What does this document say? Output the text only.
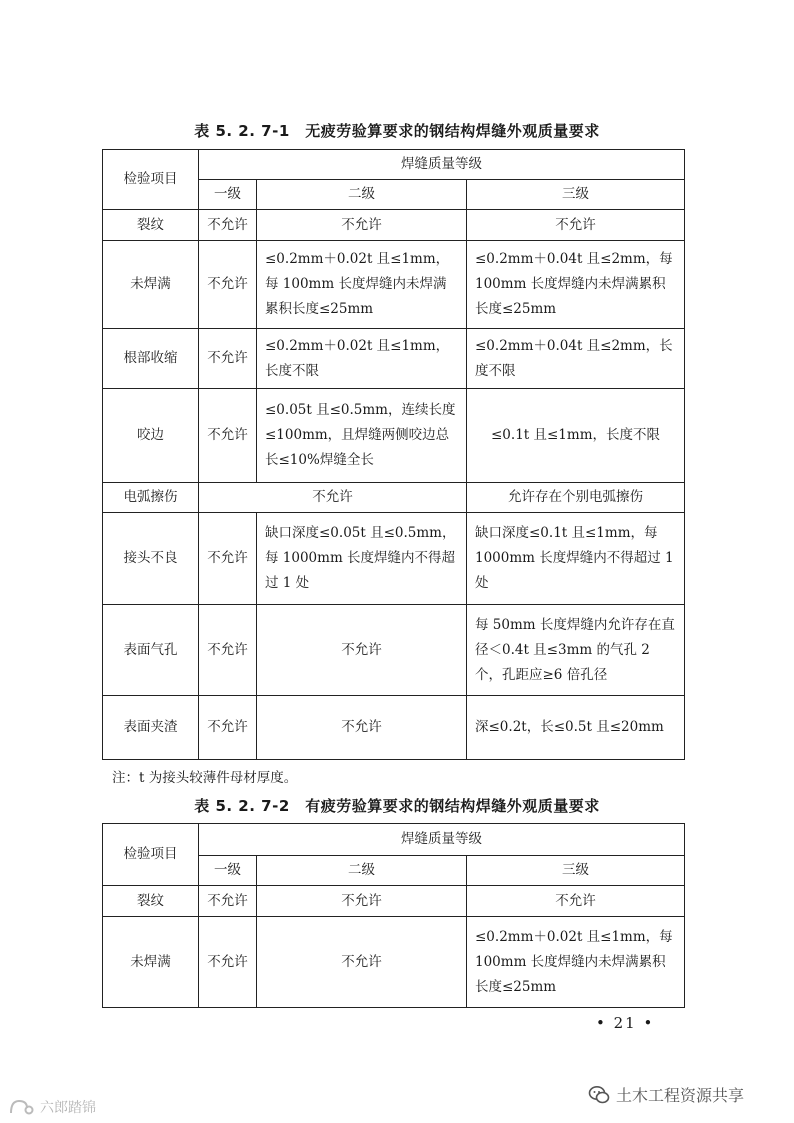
表 5. 2. 7-1　无疲劳验算要求的钢结构焊缝外观质量要求
检验项目	焊缝质量等级		
	一级	二级	三级
裂纹	不允许	不允许	不允许
未焊满	不允许	≤0.2mm＋0.02t 且≤1mm，每 100mm 长度焊缝内未焊满累积长度≤25mm	≤0.2mm＋0.04t 且≤2mm，每 100mm 长度焊缝内未焊满累积长度≤25mm
根部收缩	不允许	≤0.2mm＋0.02t 且≤1mm，长度不限	≤0.2mm＋0.04t 且≤2mm，长度不限
咬边	不允许	≤0.05t 且≤0.5mm，连续长度≤100mm，且焊缝两侧咬边总长≤10%焊缝全长	≤0.1t 且≤1mm，长度不限
电弧擦伤	不允许		允许存在个别电弧擦伤
接头不良	不允许	缺口深度≤0.05t 且≤0.5mm，每 1000mm 长度焊缝内不得超过 1 处	缺口深度≤0.1t 且≤1mm，每 1000mm 长度焊缝内不得超过 1 处
表面气孔	不允许	不允许	每 50mm 长度焊缝内允许存在直径＜0.4t 且≤3mm 的气孔 2 个，孔距应≥6 倍孔径
表面夹渣	不允许	不允许	深≤0.2t，长≤0.5t 且≤20mm
注：t 为接头较薄件母材厚度。
表 5. 2. 7-2　有疲劳验算要求的钢结构焊缝外观质量要求
检验项目	焊缝质量等级		
	一级	二级	三级
裂纹	不允许	不允许	不允许
未焊满	不允许	不允许	≤0.2mm＋0.02t 且≤1mm，每 100mm 长度焊缝内未焊满累积长度≤25mm
• 21 •
土木工程资源共享
六郎踏锦
